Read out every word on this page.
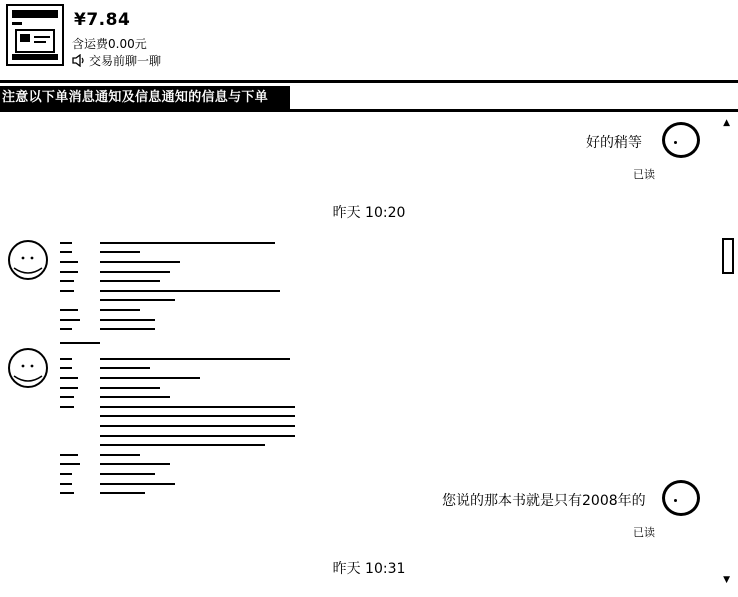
¥7.84
含运费0.00元
交易前聊一聊
注意以下单消息通知及信息通知的信息与下单
好的稍等
已读
昨天 10:20
您说的那本书就是只有2008年的
已读
昨天 10:31
▲
▼
